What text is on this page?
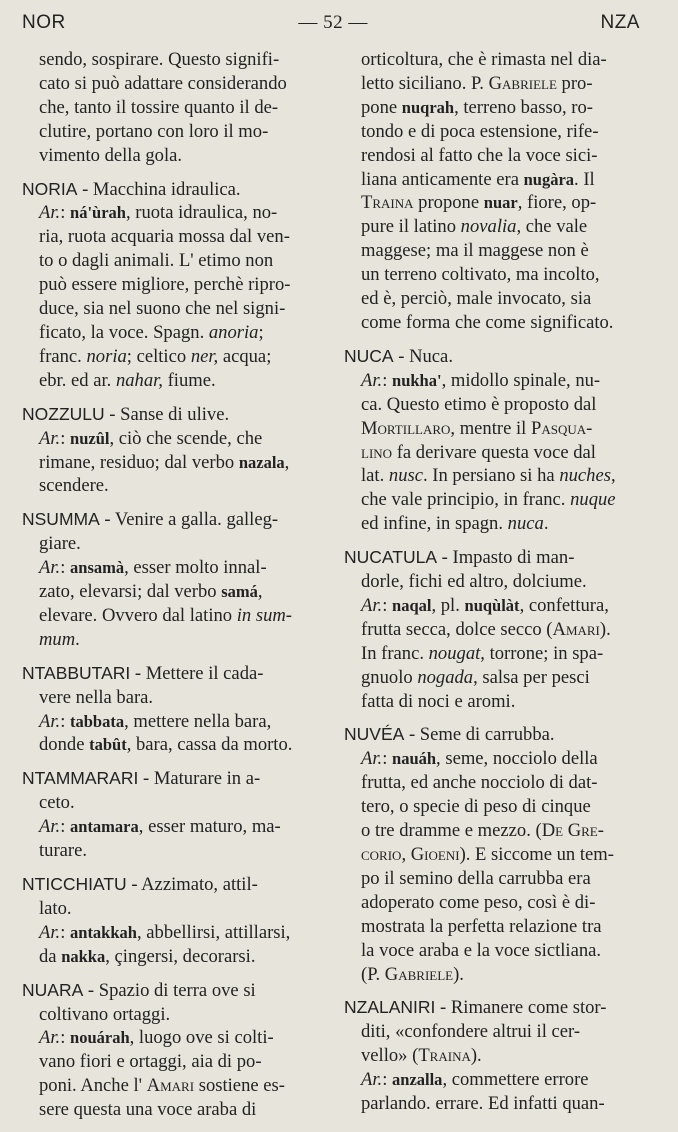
NOR	— 52 —	NZA
sendo, sospirare. Questo signifi-
cato si può adattare considerando
che, tanto il tossire quanto il de-
clutire, portano con loro il mo-
vimento della gola.
NORIA - Macchina idraulica.
Ar.: ná'ùrah, ruota idraulica, no-
ria, ruota acquaria mossa dal ven-
to o dagli animali. L' etimo non
può essere migliore, perchè ripro-
duce, sia nel suono che nel signi-
ficato, la voce. Spagn. anoria;
franc. noria; celtico ner, acqua;
ebr. ed ar. nahar, fiume.
NOZZULU - Sanse di ulive.
Ar.: nuzûl, ciò che scende, che
rimane, residuo; dal verbo nazala,
scendere.
NSUMMA - Venire a galla. galleg-
giare.
Ar.: ansamà, esser molto innal-
zato, elevarsi; dal verbo samá,
elevare. Ovvero dal latino in sum-
mum.
NTABBUTARI - Mettere il cada-
vere nella bara.
Ar.: tabbata, mettere nella bara,
donde tabût, bara, cassa da morto.
NTAMMARARI - Maturare in a-
ceto.
Ar.: antamara, esser maturo, ma-
turare.
NTICCHIATU - Azzimato, attil-
lato.
Ar.: antakkah, abbellirsi, attillarsi,
da nakka, çingersi, decorarsi.
NUARA - Spazio di terra ove si
coltivano ortaggi.
Ar.: nouárah, luogo ove si colti-
vano fiori e ortaggi, aia di po-
poni. Anche l' Amari sostiene es-
sere questa una voce araba di
orticoltura, che è rimasta nel dia-
letto siciliano. P. Gabriele pro-
pone nuqrah, terreno basso, ro-
tondo e di poca estensione, rife-
rendosi al fatto che la voce sici-
liana anticamente era nugàra. Il
Traina propone nuar, fiore, op-
pure il latino novalia, che vale
maggese; ma il maggese non è
un terreno coltivato, ma incolto,
ed è, perciò, male invocato, sia
come forma che come significato.
NUCA - Nuca.
Ar.: nukha', midollo spinale, nu-
ca. Questo etimo è proposto dal
Mortillaro, mentre il Pasqua-
lino fa derivare questa voce dal
lat. nusc. In persiano si ha nuches,
che vale principio, in franc. nuque
ed infine, in spagn. nuca.
NUCATULA - Impasto di man-
dorle, fichi ed altro, dolciume.
Ar.: naqal, pl. nuqùlàt, confettura,
frutta secca, dolce secco (Amari).
In franc. nougat, torrone; in spa-
gnuolo nogada, salsa per pesci
fatta di noci e aromi.
NUVÉA - Seme di carrubba.
Ar.: nauáh, seme, nocciolo della
frutta, ed anche nocciolo di dat-
tero, o specie di peso di cinque
o tre dramme e mezzo. (De Gre-
corio, Gioeni). E siccome un tem-
po il semino della carrubba era
adoperato come peso, così è di-
mostrata la perfetta relazione tra
la voce araba e la voce sictliana.
(P. Gabriele).
NZALANIRI - Rimanere come stor-
diti, «confondere altrui il cer-
vello» (Traina).
Ar.: anzalla, commettere errore
parlando. errare. Ed infatti quan-
